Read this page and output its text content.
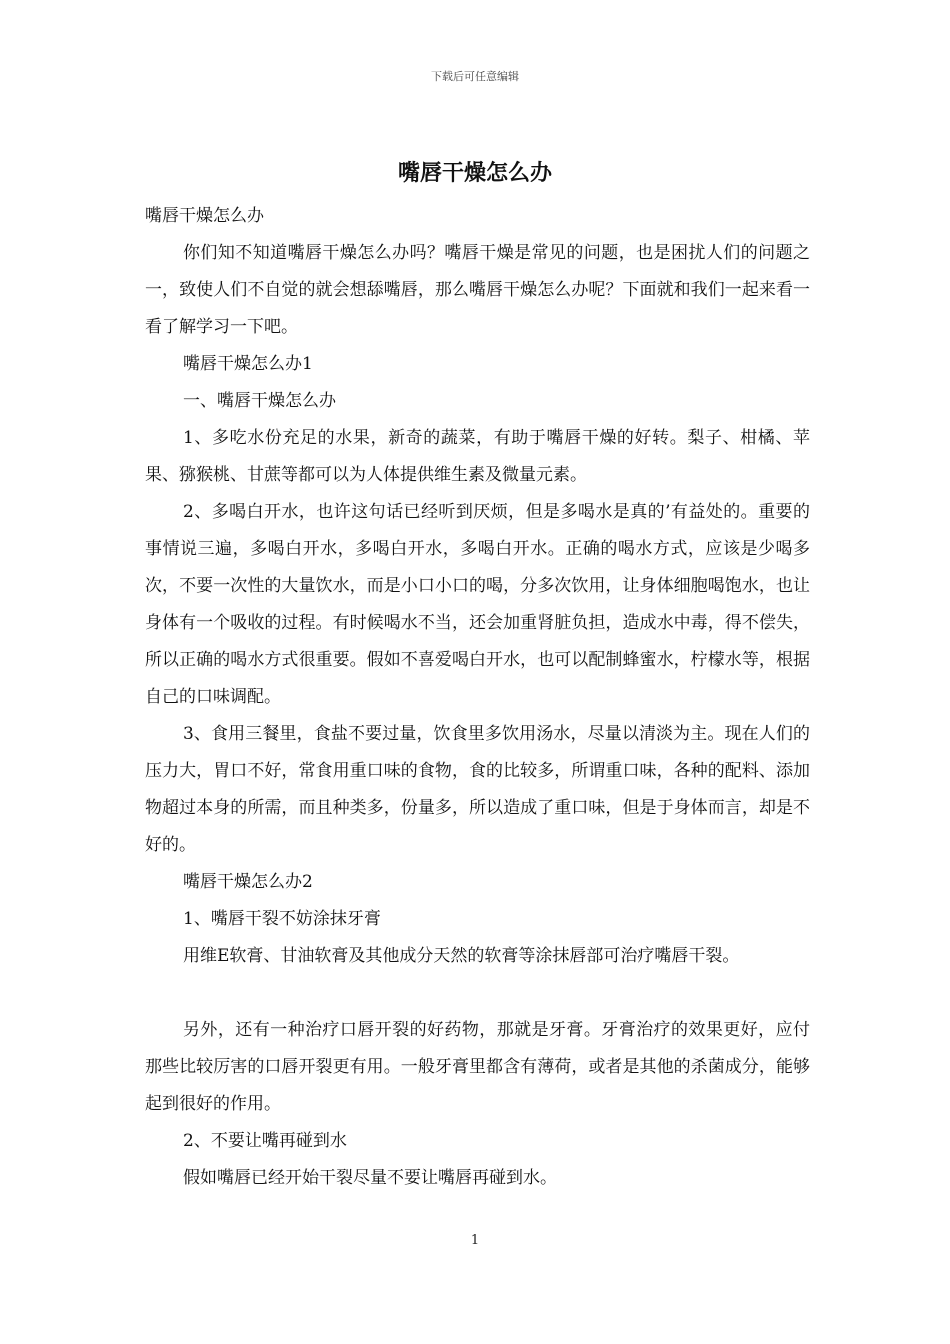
下载后可任意编辑
嘴唇干燥怎么办

嘴唇干燥怎么办

你们知不知道嘴唇干燥怎么办吗？嘴唇干燥是常见的问题，也是困扰人们的问题之一，致使人们不自觉的就会想舔嘴唇，那么嘴唇干燥怎么办呢？下面就和我们一起来看一看了解学习一下吧。

嘴唇干燥怎么办1

一、嘴唇干燥怎么办

1、多吃水份充足的水果，新奇的蔬菜，有助于嘴唇干燥的好转。梨子、柑橘、苹果、猕猴桃、甘蔗等都可以为人体提供维生素及微量元素。

2、多喝白开水，也许这句话已经听到厌烦，但是多喝水是真的’有益处的。重要的事情说三遍，多喝白开水，多喝白开水，多喝白开水。正确的喝水方式，应该是少喝多次，不要一次性的大量饮水，而是小口小口的喝，分多次饮用，让身体细胞喝饱水，也让身体有一个吸收的过程。有时候喝水不当，还会加重肾脏负担，造成水中毒，得不偿失，所以正确的喝水方式很重要。假如不喜爱喝白开水，也可以配制蜂蜜水，柠檬水等，根据自己的口味调配。

3、食用三餐里，食盐不要过量，饮食里多饮用汤水，尽量以清淡为主。现在人们的压力大，胃口不好，常食用重口味的食物，食的比较多，所谓重口味，各种的配料、添加物超过本身的所需，而且种类多，份量多，所以造成了重口味，但是于身体而言，却是不好的。

嘴唇干燥怎么办2

1、嘴唇干裂不妨涂抹牙膏

用维E软膏、甘油软膏及其他成分天然的软膏等涂抹唇部可治疗嘴唇干裂。

另外，还有一种治疗口唇开裂的好药物，那就是牙膏。牙膏治疗的效果更好，应付那些比较厉害的口唇开裂更有用。一般牙膏里都含有薄荷，或者是其他的杀菌成分，能够起到很好的作用。

2、不要让嘴再碰到水

假如嘴唇已经开始干裂尽量不要让嘴唇再碰到水。

1
